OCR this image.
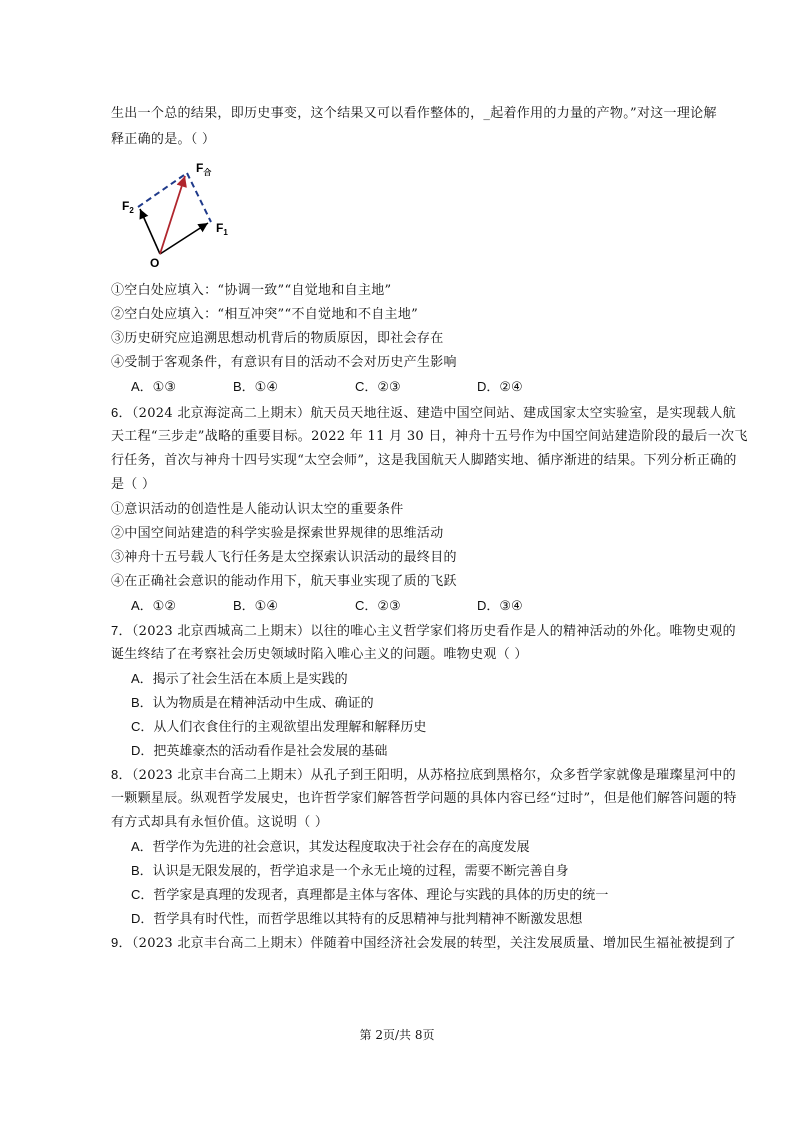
生出一个总的结果，即历史事变，这个结果又可以看作整体的，_起着作用的力量的产物。”对这一理论解
释正确的是。（ ）
$F_合$
$F_2$
$F_1$
O
①空白处应填入：“协调一致”“自觉地和自主地”
②空白处应填入：“相互冲突”“不自觉地和不自主地”
③历史研究应追溯思想动机背后的物质原因，即社会存在
④受制于客观条件，有意识有目的活动不会对历史产生影响
A．①③	B．①④	C．②③	D．②④
6．（2024 北京海淀高二上期末）航天员天地往返、建造中国空间站、建成国家太空实验室，是实现载人航
天工程“三步走”战略的重要目标。2022 年 11 月 30 日，神舟十五号作为中国空间站建造阶段的最后一次飞
行任务，首次与神舟十四号实现“太空会师”，这是我国航天人脚踏实地、循序渐进的结果。下列分析正确的
是（ ）
①意识活动的创造性是人能动认识太空的重要条件
②中国空间站建造的科学实验是探索世界规律的思维活动
③神舟十五号载人飞行任务是太空探索认识活动的最终目的
④在正确社会意识的能动作用下，航天事业实现了质的飞跃
A．①②	B．①④	C．②③	D．③④
7．（2023 北京西城高二上期末）以往的唯心主义哲学家们将历史看作是人的精神活动的外化。唯物史观的
诞生终结了在考察社会历史领域时陷入唯心主义的问题。唯物史观（ ）
A．揭示了社会生活在本质上是实践的
B．认为物质是在精神活动中生成、确证的
C．从人们衣食住行的主观欲望出发理解和解释历史
D．把英雄豪杰的活动看作是社会发展的基础
8．（2023 北京丰台高二上期末）从孔子到王阳明，从苏格拉底到黑格尔，众多哲学家就像是璀璨星河中的
一颗颗星辰。纵观哲学发展史，也许哲学家们解答哲学问题的具体内容已经“过时”，但是他们解答问题的特
有方式却具有永恒价值。这说明（ ）
A．哲学作为先进的社会意识，其发达程度取决于社会存在的高度发展
B．认识是无限发展的，哲学追求是一个永无止境的过程，需要不断完善自身
C．哲学家是真理的发现者，真理都是主体与客体、理论与实践的具体的历史的统一
D．哲学具有时代性，而哲学思维以其特有的反思精神与批判精神不断激发思想
9．（2023 北京丰台高二上期末）伴随着中国经济社会发展的转型，关注发展质量、增加民生福祉被提到了
第 2页/共 8页
